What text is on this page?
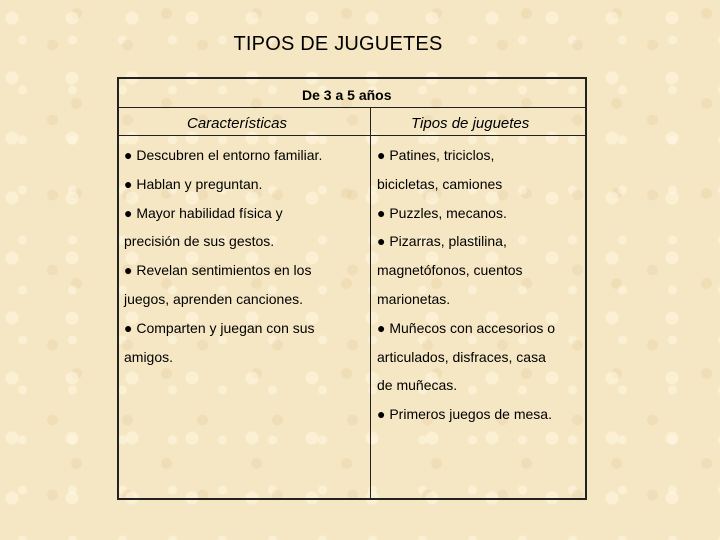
TIPOS DE JUGUETES
De 3 a 5 años
Características	Tipos de juguetes
● Descubren el entorno familiar.
● Hablan y preguntan.
● Mayor habilidad física y
precisión de sus gestos.
● Revelan sentimientos en los
juegos, aprenden canciones.
● Comparten y juegan con sus
amigos.
● Patines, triciclos,
bicicletas, camiones
● Puzzles, mecanos.
● Pizarras, plastilina,
magnetófonos, cuentos
marionetas.
● Muñecos con accesorios o
articulados, disfraces, casa
de muñecas.
● Primeros juegos de mesa.
